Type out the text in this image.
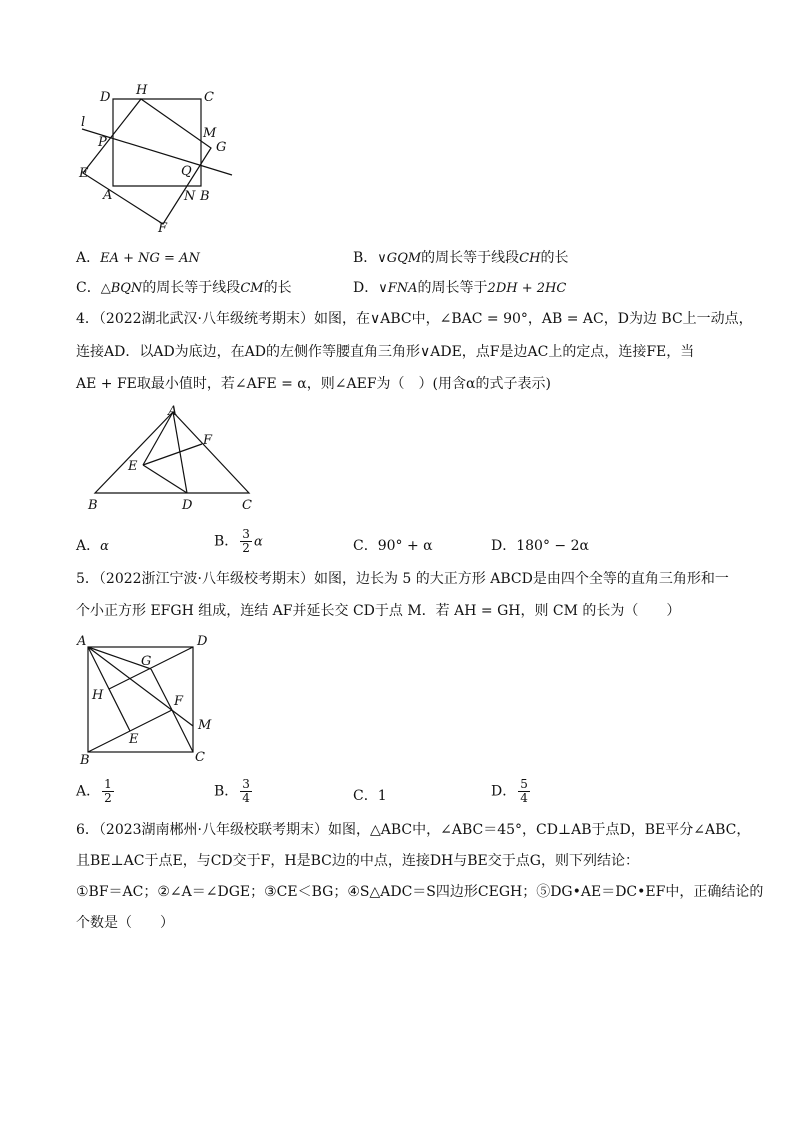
D H	C
l
M
P	G
Q
E
A	N B
F
A．EA + NG = AN	B．∨GQM的周长等于线段CH的长
C．△BQN的周长等于线段CM的长	D．∨FNA的周长等于2DH + 2HC
4．（2022湖北武汉·八年级统考期末）如图，在∨ABC中，∠BAC = 90°，AB = AC，D为边 BC上一动点，
连接AD．以AD为底边，在AD的左侧作等腰直角三角形∨ADE，点F是边AC上的定点，连接FE，当
AE + FE取最小值时，若∠AFE = α，则∠AEF为（　）(用含α的式子表示)
A
F
E
B	D	C
A．α	B． $\frac{3}{2}$ α	C．90° + α	D．180° − 2α
5．（2022浙江宁波·八年级校考期末）如图，边长为 5 的大正方形 ABCD是由四个全等的直角三角形和一
个小正方形 EFGH 组成，连结 AF并延长交 CD于点 M．若 AH = GH，则 CM 的长为（　　）
A	D
G
H	F
M
E
B	C
A． $\frac{1}{2}$	B． $\frac{3}{4}$	C．1	D． $\frac{5}{4}$
6．（2023湖南郴州·八年级校联考期末）如图，△ABC中，∠ABC＝45°，CD⊥AB于点D，BE平分∠ABC，
且BE⊥AC于点E，与CD交于F，H是BC边的中点，连接DH与BE交于点G，则下列结论：
①BF＝AC；②∠A＝∠DGE；③CE＜BG；④S△ADC＝S四边形CEGH；⑤DG•AE＝DC•EF中，正确结论的
个数是（　　）
